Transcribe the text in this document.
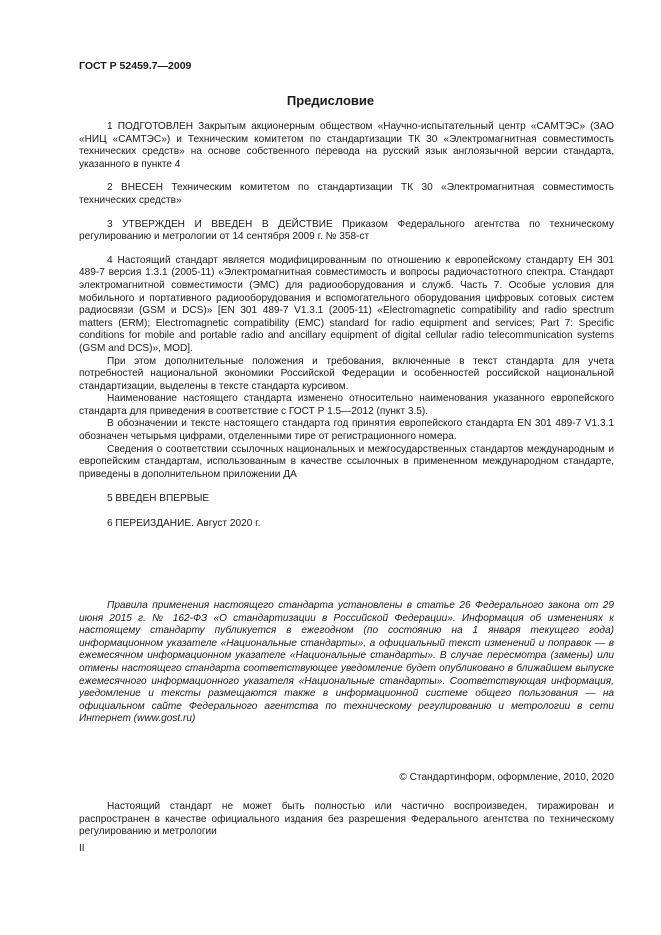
ГОСТ Р 52459.7—2009
Предисловие

1 ПОДГОТОВЛЕН Закрытым акционерным обществом «Научно-испытательный центр «САМТЭС» (ЗАО «НИЦ «САМТЭС») и Техническим комитетом по стандартизации ТК 30 «Электромагнитная совместимость технических средств» на основе собственного перевода на русский язык англоязычной версии стандарта, указанного в пункте 4

2 ВНЕСЕН Техническим комитетом по стандартизации ТК 30 «Электромагнитная совместимость технических средств»

3 УТВЕРЖДЕН И ВВЕДЕН В ДЕЙСТВИЕ Приказом Федерального агентства по техническому регулированию и метрологии от 14 сентября 2009 г. № 358-ст

4 Настоящий стандарт является модифицированным по отношению к европейскому стандарту ЕН 301 489-7 версия 1.3.1 (2005-11) «Электромагнитная совместимость и вопросы радиочастотного спектра. Стандарт электромагнитной совместимости (ЭМС) для радиооборудования и служб. Часть 7. Особые условия для мобильного и портативного радиооборудования и вспомогательного оборудования цифровых сотовых систем радиосвязи (GSM и DCS)» [EN 301 489-7 V1.3.1 (2005-11) «Electromagnetic compatibility and radio spectrum matters (ERM); Electromagnetic compatibility (EMC) standard for radio equipment and services; Part 7: Specific conditions for mobile and portable radio and ancillary equipment of digital cellular radio telecommunication systems (GSM and DCS)», MOD].

При этом дополнительные положения и требования, включенные в текст стандарта для учета потребностей национальной экономики Российской Федерации и особенностей российской национальной стандартизации, выделены в тексте стандарта курсивом.

Наименование настоящего стандарта изменено относительно наименования указанного европейского стандарта для приведения в соответствие с ГОСТ Р 1.5—2012 (пункт 3.5).

В обозначении и тексте настоящего стандарта год принятия европейского стандарта EN 301 489-7 V1.3.1 обозначен четырьмя цифрами, отделенными тире от регистрационного номера.

Сведения о соответствии ссылочных национальных и межгосударственных стандартов международным и европейским стандартам, использованным в качестве ссылочных в примененном международном стандарте, приведены в дополнительном приложении ДА

5 ВВЕДЕН ВПЕРВЫЕ

6 ПЕРЕИЗДАНИЕ. Август 2020 г.

Правила применения настоящего стандарта установлены в статье 26 Федерального закона от 29 июня 2015 г. № 162-ФЗ «О стандартизации в Российской Федерации». Информация об изменениях к настоящему стандарту публикуется в ежегодном (по состоянию на 1 января текущего года) информационном указателе «Национальные стандарты», а официальный текст изменений и поправок — в ежемесячном информационном указателе «Национальные стандарты». В случае пересмотра (замены) или отмены настоящего стандарта соответствующее уведомление будет опубликовано в ближайшем выпуске ежемесячного информационного указателя «Национальные стандарты». Соответствующая информация, уведомление и тексты размещаются также в информационной системе общего пользования — на официальном сайте Федерального агентства по техническому регулированию и метрологии в сети Интернет (www.gost.ru)

© Стандартинформ, оформление, 2010, 2020

Настоящий стандарт не может быть полностью или частично воспроизведен, тиражирован и распространен в качестве официального издания без разрешения Федерального агентства по техническому регулированию и метрологии

II
